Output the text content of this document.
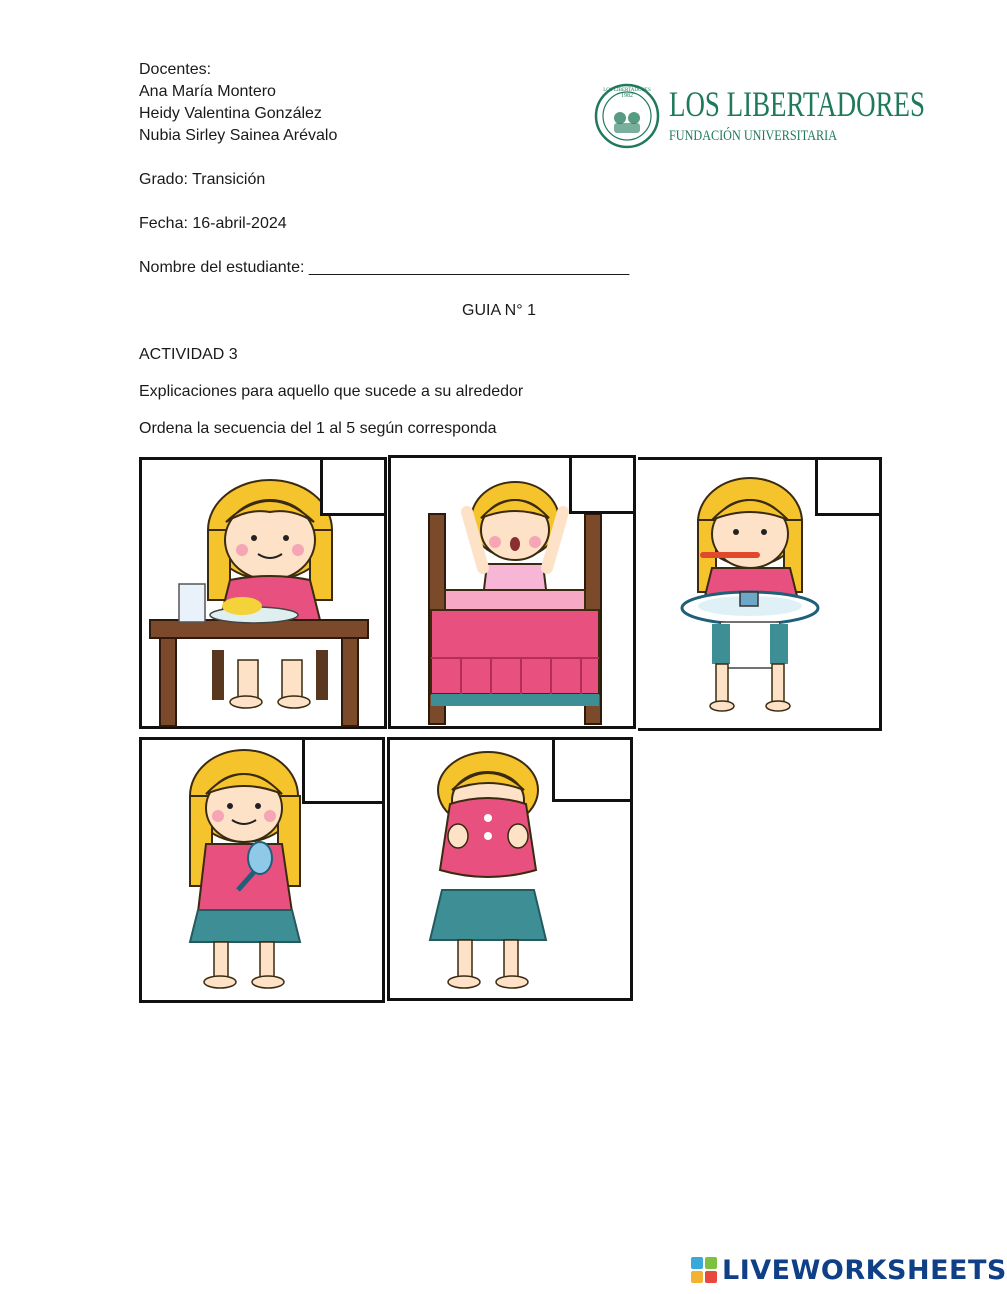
Docentes:
Ana María Montero
Heidy Valentina González
Nubia Sirley Sainea Arévalo
Grado: Transición
Fecha: 16-abril-2024
Nombre del estudiante: ____________________________________
1982
LOS LIBERTADORES LOS LIBERTADORES
FUNDACIÓN UNIVERSITARIA
GUIA N° 1
ACTIVIDAD 3
Explicaciones para aquello que sucede a su alrededor
Ordena la secuencia del 1 al 5 según corresponda
LIVEWORKSHEETS
